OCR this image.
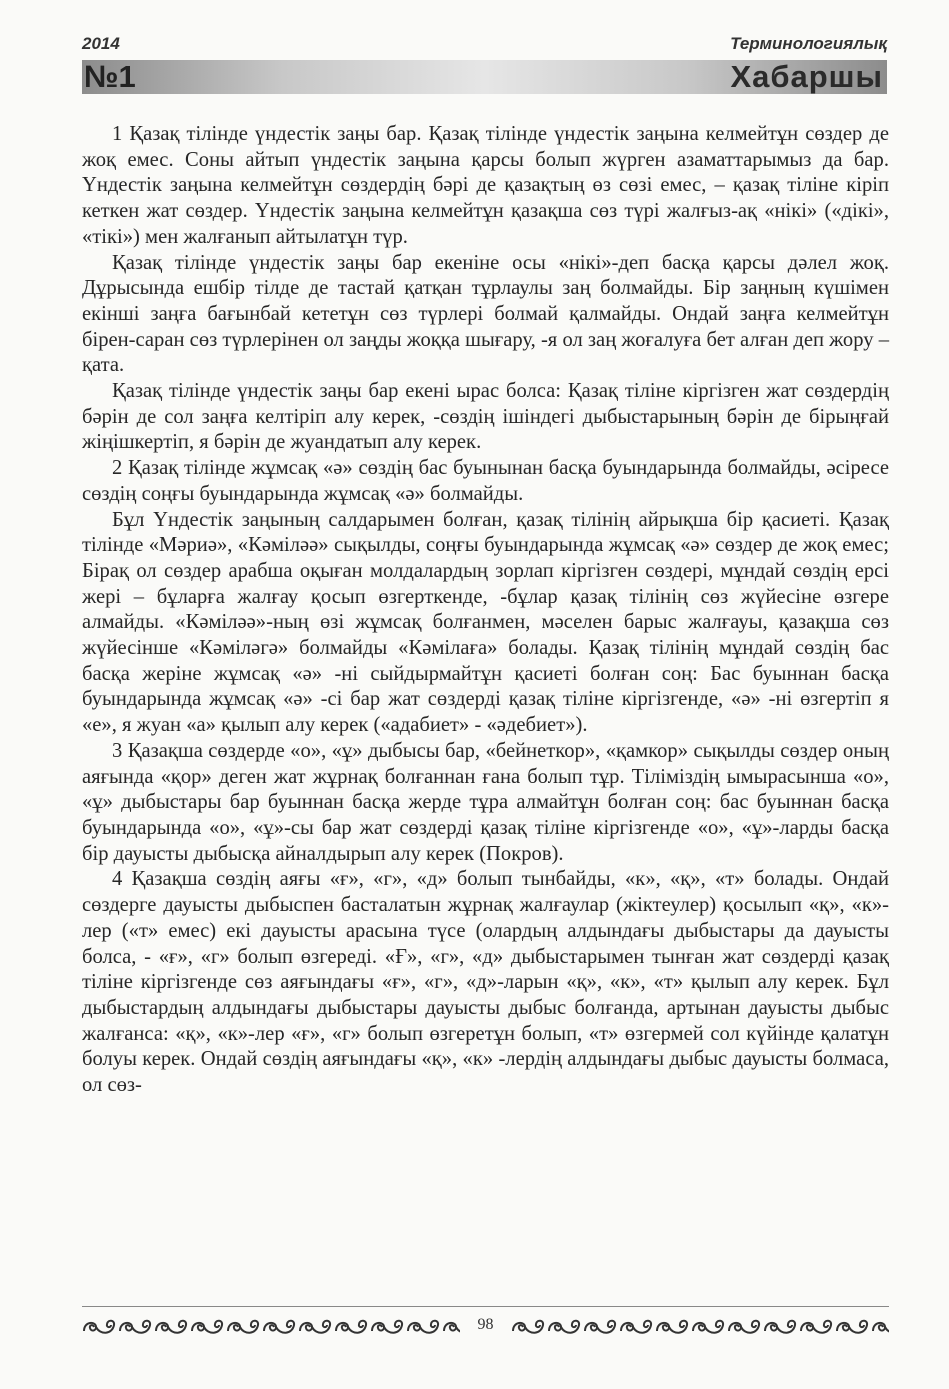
2014	Терминологиялық
№1	Хабаршы

1 Қазақ тілінде үндестік заңы бар. Қазақ тілінде үндестік заңына келмейтұн сөздер де жоқ емес. Соны айтып үндестік заңына қарсы болып жүрген азаматтарымыз да бар. Үндестік заңына келмейтұн сөздердің бәрі де қазақтың өз сөзі емес, – қазақ тіліне кіріп кеткен жат сөздер. Үндестік заңына келмейтұн қазақша сөз түрі жалғыз-ақ «нікі» («дікі», «тікі») мен жалғанып айтылатұн түр.

Қазақ тілінде үндестік заңы бар екеніне осы «нікі»-деп басқа қарсы дәлел жоқ. Дұрысында ешбір тілде де тастай қатқан тұрлаулы заң болмайды. Бір заңның күшімен екінші заңға бағынбай кететұн сөз түрлері болмай қалмайды. Ондай заңға келмейтұн бірен-саран сөз түрлерінен ол заңды жоққа шығару, -я ол заң жоғалуға бет алған деп жору – қата.

Қазақ тілінде үндестік заңы бар екені ырас болса: Қазақ тіліне кіргізген жат сөздердің бәрін де сол заңға келтіріп алу керек, -сөздің ішіндегі дыбыстарының бәрін де бірыңғай жіңішкертіп, я бәрін де жуандатып алу керек.

2 Қазақ тілінде жұмсақ «ә» сөздің бас буынынан басқа буындарында болмайды, әсіресе сөздің соңғы буындарында жұмсақ «ә» болмайды.

Бұл Үндестік заңының салдарымен болған, қазақ тілінің айрықша бір қасиеті. Қазақ тілінде «Мәриә», «Кәміләә» сықылды, соңғы буындарында жұмсақ «ә» сөздер де жоқ емес; Бірақ ол сөздер арабша оқыған молдалардың зорлап кіргізген сөздері, мұндай сөздің ерсі жері – бұларға жалғау қосып өзгерткенде, -бұлар қазақ тілінің сөз жүйесіне өзгере алмайды. «Кәміләә»-ның өзі жұмсақ болғанмен, мәселен барыс жалғауы, қазақша сөз жүйесінше «Кәміләгә» болмайды «Кәмілаға» болады. Қазақ тілінің мұндай сөздің бас басқа жеріне жұмсақ «ә» -ні сыйдырмайтұн қасиеті болған соң: Бас буыннан басқа буындарында жұмсақ «ә» -сі бар жат сөздерді қазақ тіліне кіргізгенде, «ә» -ні өзгертіп я «е», я жуан «а» қылып алу керек («адабиет» - «әдебиет»).

3 Қазақша сөздерде «о», «ұ» дыбысы бар, «бейнеткор», «қамкор» сықылды сөздер оның аяғында «қор» деген жат жұрнақ болғаннан ғана болып тұр. Тіліміздің ымырасынша «о», «ұ» дыбыстары бар буыннан басқа жерде тұра алмайтұн болған соң: бас буыннан басқа буындарында «о», «ұ»-сы бар жат сөздерді қазақ тіліне кіргізгенде «о», «ұ»-ларды басқа бір дауысты дыбысқа айналдырып алу керек (Покров).

4 Қазақша сөздің аяғы «ғ», «г», «д» болып тынбайды, «к», «қ», «т» болады. Ондай сөздерге дауысты дыбыспен басталатын жұрнақ жалғаулар (жіктеулер) қосылып «қ», «к»-лер («т» емес) екі дауысты арасына түсе (олардың алдындағы дыбыстары да дауысты болса, - «ғ», «г» болып өзгереді. «Ғ», «г», «д» дыбыстарымен тынған жат сөздерді қазақ тіліне кіргізгенде сөз аяғындағы «ғ», «г», «д»-ларын «қ», «к», «т» қылып алу керек. Бұл дыбыстардың алдындағы дыбыстары дауысты дыбыс болғанда, артынан дауысты дыбыс жалғанса: «қ», «к»-лер «ғ», «г» болып өзгеретұн болып, «т» өзгермей сол күйінде қалатұн болуы керек. Ондай сөздің аяғындағы «қ», «к» -лердің алдындағы дыбыс дауысты болмаса, ол сөз-

98
